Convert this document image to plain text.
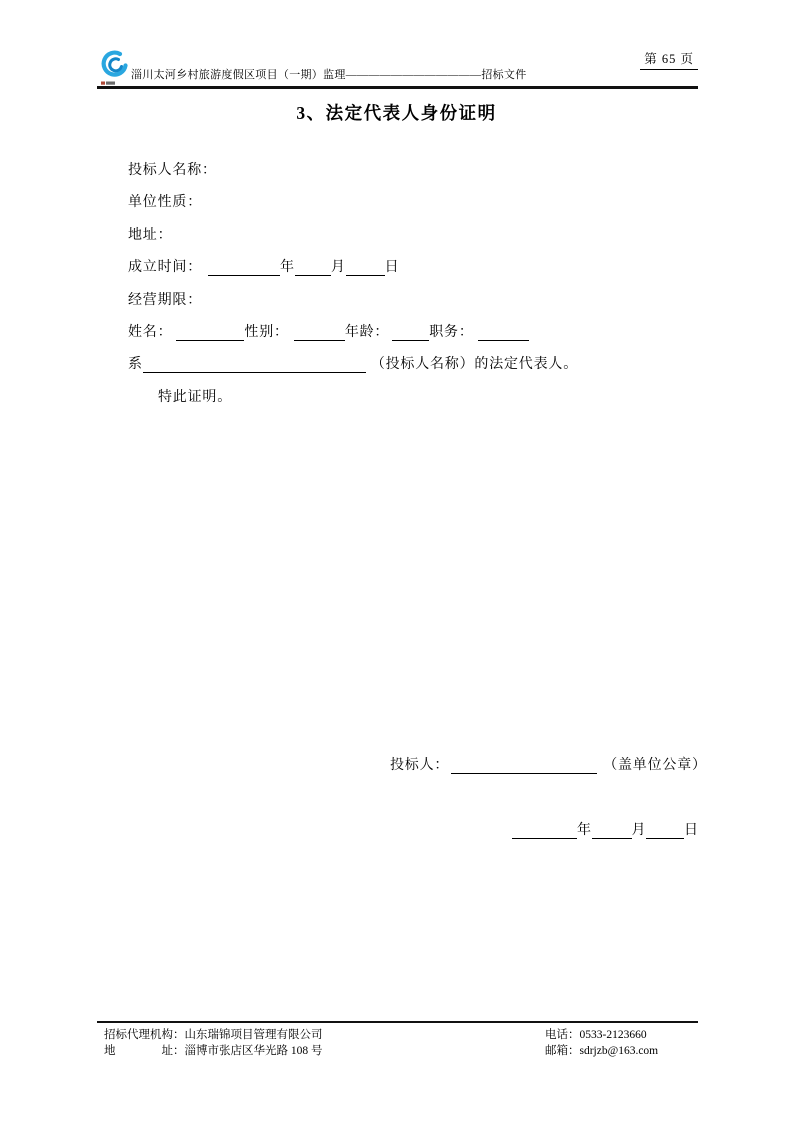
淄川太河乡村旅游度假区项目（一期）监理————————————招标文件
第 65 页
3、法定代表人身份证明
投标人名称：
单位性质：
地址：
成立时间：	年	月	日
经营期限：
姓名：	性别：	年龄：	职务：
系	（投标人名称）的法定代表人。
特此证明。
投标人：	（盖单位公章）
年	月	日
招标代理机构：山东瑞锦项目管理有限公司	电话：0533-2123660
地　　　　址：淄博市张店区华光路 108 号	邮箱：sdrjzb@163.com
